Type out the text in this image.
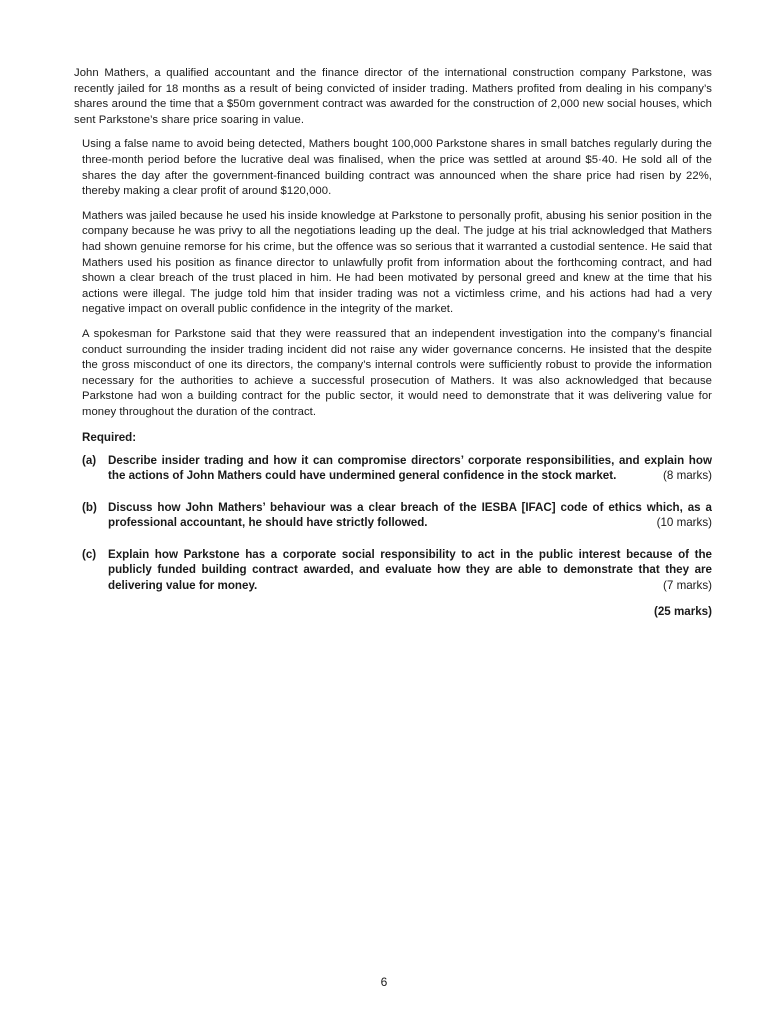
John Mathers, a qualified accountant and the finance director of the international construction company Parkstone, was recently jailed for 18 months as a result of being convicted of insider trading. Mathers profited from dealing in his company’s shares around the time that a $50m government contract was awarded for the construction of 2,000 new social houses, which sent Parkstone’s share price soaring in value.

Using a false name to avoid being detected, Mathers bought 100,000 Parkstone shares in small batches regularly during the three-month period before the lucrative deal was finalised, when the price was settled at around $5·40. He sold all of the shares the day after the government-financed building contract was announced when the share price had risen by 22%, thereby making a clear profit of around $120,000.

Mathers was jailed because he used his inside knowledge at Parkstone to personally profit, abusing his senior position in the company because he was privy to all the negotiations leading up the deal. The judge at his trial acknowledged that Mathers had shown genuine remorse for his crime, but the offence was so serious that it warranted a custodial sentence. He said that Mathers used his position as finance director to unlawfully profit from information about the forthcoming contract, and had shown a clear breach of the trust placed in him. He had been motivated by personal greed and knew at the time that his actions were illegal. The judge told him that insider trading was not a victimless crime, and his actions had had a very negative impact on overall public confidence in the integrity of the market.

A spokesman for Parkstone said that they were reassured that an independent investigation into the company’s financial conduct surrounding the insider trading incident did not raise any wider governance concerns. He insisted that the despite the gross misconduct of one its directors, the company’s internal controls were sufficiently robust to provide the information necessary for the authorities to achieve a successful prosecution of Mathers. It was also acknowledged that because Parkstone had won a building contract for the public sector, it would need to demonstrate that it was delivering value for money throughout the duration of the contract.

Required:
(a)	Describe insider trading and how it can compromise directors’ corporate responsibilities, and explain how the actions of John Mathers could have undermined general confidence in the stock market.	(8 marks)
(b) Discuss how John Mathers’ behaviour was a clear breach of the IESBA [IFAC] code of ethics which, as a professional accountant, he should have strictly followed.	(10 marks)
(c)	Explain how Parkstone has a corporate social responsibility to act in the public interest because of the publicly funded building contract awarded, and evaluate how they are able to demonstrate that they are delivering value for money.	(7 marks)
(25 marks)
6
